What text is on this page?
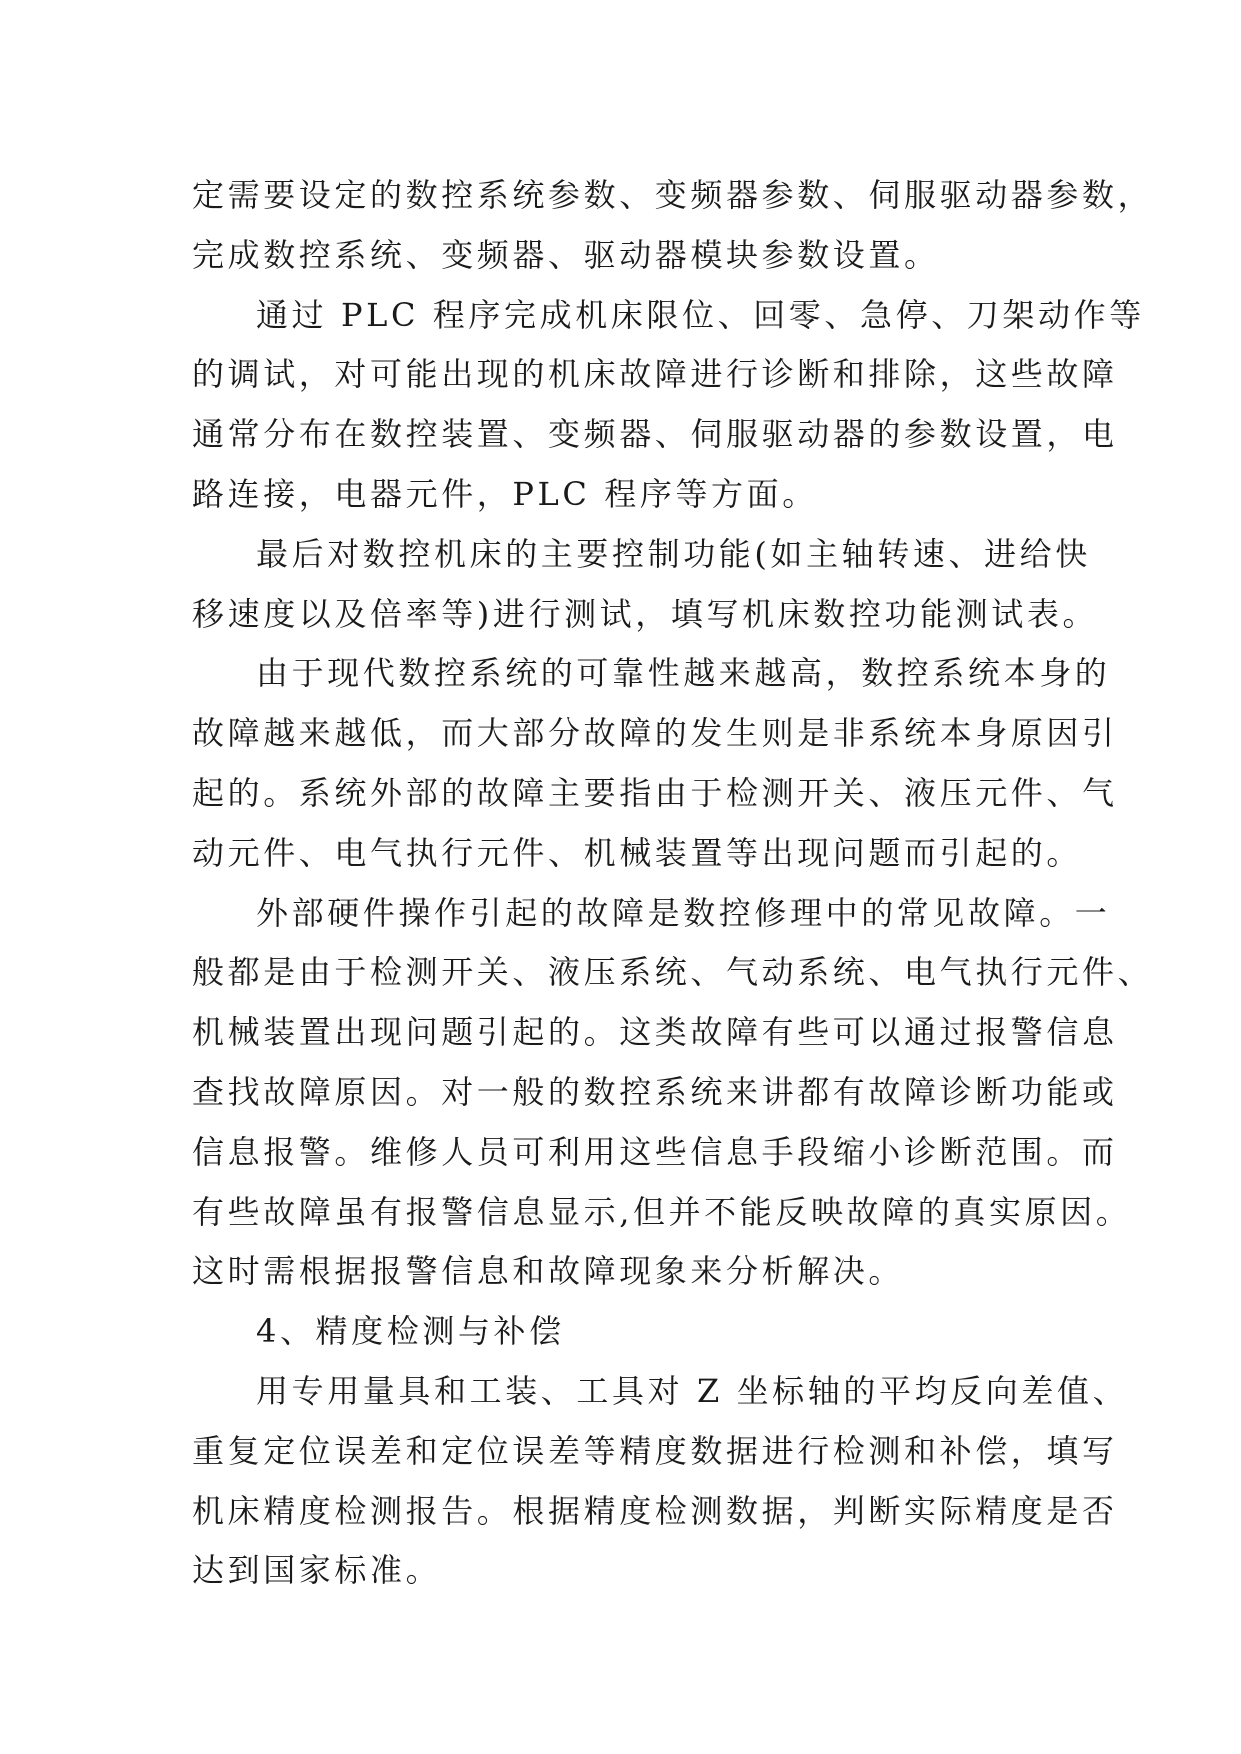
定需要设定的数控系统参数、变频器参数、伺服驱动器参数，
完成数控系统、变频器、驱动器模块参数设置。
通过 PLC 程序完成机床限位、回零、急停、刀架动作等
的调试，对可能出现的机床故障进行诊断和排除，这些故障
通常分布在数控装置、变频器、伺服驱动器的参数设置，电
路连接，电器元件，PLC 程序等方面。
最后对数控机床的主要控制功能(如主轴转速、进给快
移速度以及倍率等)进行测试，填写机床数控功能测试表。
由于现代数控系统的可靠性越来越高，数控系统本身的
故障越来越低，而大部分故障的发生则是非系统本身原因引
起的。系统外部的故障主要指由于检测开关、液压元件、气
动元件、电气执行元件、机械装置等出现问题而引起的。
外部硬件操作引起的故障是数控修理中的常见故障。一
般都是由于检测开关、液压系统、气动系统、电气执行元件、
机械装置出现问题引起的。这类故障有些可以通过报警信息
查找故障原因。对一般的数控系统来讲都有故障诊断功能或
信息报警。维修人员可利用这些信息手段缩小诊断范围。而
有些故障虽有报警信息显示,但并不能反映故障的真实原因。
这时需根据报警信息和故障现象来分析解决。
4、精度检测与补偿
用专用量具和工装、工具对 Z 坐标轴的平均反向差值、
重复定位误差和定位误差等精度数据进行检测和补偿，填写
机床精度检测报告。根据精度检测数据，判断实际精度是否
达到国家标准。
